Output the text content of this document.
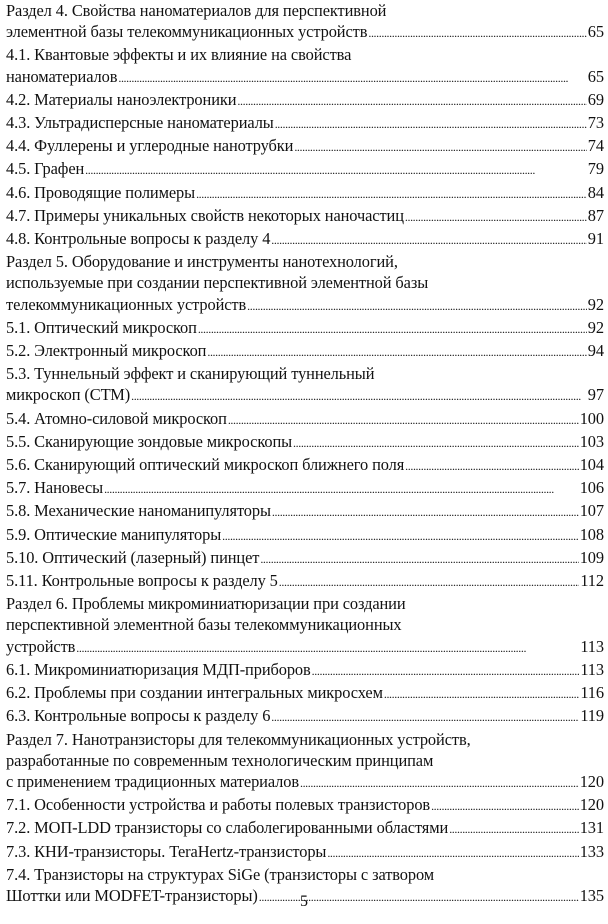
Раздел 4. Свойства наноматериалов для перспективной
элементной базы телекоммуникационных устройств . . .	65
4.1. Квантовые эффекты и их влияние на свойства
наноматериалов . . .	65
4.2. Материалы наноэлектроники . . .	69
4.3. Ультрадисперсные наноматериалы . . .	73
4.4. Фуллерены и углеродные нанотрубки . . .	74
4.5. Графен . . .	79
4.6. Проводящие полимеры . . .	84
4.7. Примеры уникальных свойств некоторых наночастиц . . .	87
4.8. Контрольные вопросы к разделу 4 . . .	91
Раздел 5. Оборудование и инструменты нанотехнологий,
используемые при создании перспективной элементной базы
телекоммуникационных устройств . . .	92
5.1. Оптический микроскоп . . .	92
5.2. Электронный микроскоп . . .	94
5.3. Туннельный эффект и сканирующий туннельный
микроскоп (СТМ) . . .	97
5.4. Атомно-силовой микроскоп . . .	100
5.5. Сканирующие зондовые микроскопы . . .	103
5.6. Сканирующий оптический микроскоп ближнего поля . . .	104
5.7. Нановесы . . .	106
5.8. Механические наноманипуляторы . . .	107
5.9. Оптические манипуляторы . . .	108
5.10. Оптический (лазерный) пинцет . . .	109
5.11. Контрольные вопросы к разделу 5 . . .	112
Раздел 6. Проблемы микроминиатюризации при создании
перспективной элементной базы телекоммуникационных
устройств . . .	113
6.1. Микроминиатюризация МДП-приборов . . .	113
6.2. Проблемы при создании интегральных микросхем . . .	116
6.3. Контрольные вопросы к разделу 6 . . .	119
Раздел 7. Нанотранзисторы для телекоммуникационных устройств,
разработанные по современным технологическим принципам
с применением традиционных материалов . . .	120
7.1. Особенности устройства и работы полевых транзисторов . . .	120
7.2. МОП-LDD транзисторы со слаболегированными областями . . .	131
7.3. КНИ-транзисторы. TeraHertz-транзисторы . . .	133
7.4. Транзисторы на структурах SiGe (транзисторы с затвором
Шоттки или MODFET-транзисторы) . . .	135
5
